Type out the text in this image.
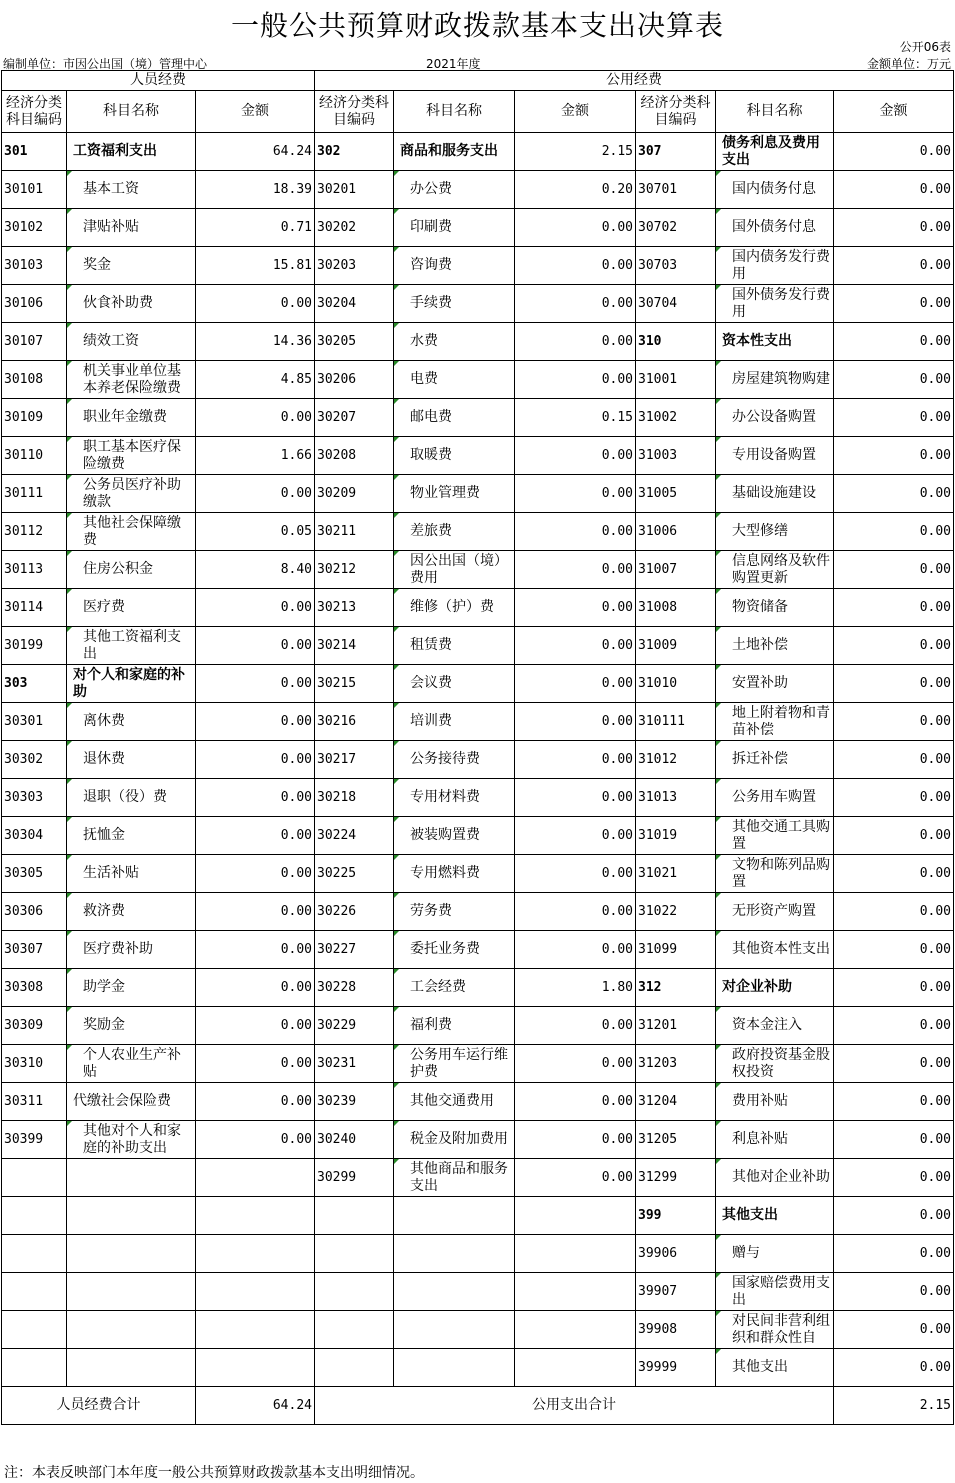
一般公共预算财政拨款基本支出决算表
公开06表
编制单位：市因公出国（境）管理中心	2021年度	金额单位：万元
人员经费			公用经费					
经济分类科目编码	科目名称	金额	经济分类科目编码	科目名称	金额	经济分类科目编码	科目名称	金额
301	工资福利支出	64.24	302	商品和服务支出	2.15	307	债务利息及费用支出	0.00
30101	基本工资	18.39	30201	办公费	0.20	30701	国内债务付息	0.00
30102	津贴补贴	0.71	30202	印刷费	0.00	30702	国外债务付息	0.00
30103	奖金	15.81	30203	咨询费	0.00	30703	国内债务发行费用	0.00
30106	伙食补助费	0.00	30204	手续费	0.00	30704	国外债务发行费用	0.00
30107	绩效工资	14.36	30205	水费	0.00	310	资本性支出	0.00
30108	机关事业单位基本养老保险缴费	4.85	30206	电费	0.00	31001	房屋建筑物购建	0.00
30109	职业年金缴费	0.00	30207	邮电费	0.15	31002	办公设备购置	0.00
30110	职工基本医疗保险缴费	1.66	30208	取暖费	0.00	31003	专用设备购置	0.00
30111	公务员医疗补助缴款	0.00	30209	物业管理费	0.00	31005	基础设施建设	0.00
30112	其他社会保障缴费	0.05	30211	差旅费	0.00	31006	大型修缮	0.00
30113	住房公积金	8.40	30212	因公出国（境）费用	0.00	31007	信息网络及软件购置更新	0.00
30114	医疗费	0.00	30213	维修（护）费	0.00	31008	物资储备	0.00
30199	其他工资福利支出	0.00	30214	租赁费	0.00	31009	土地补偿	0.00
303	对个人和家庭的补助	0.00	30215	会议费	0.00	31010	安置补助	0.00
30301	离休费	0.00	30216	培训费	0.00	310111	地上附着物和青苗补偿	0.00
30302	退休费	0.00	30217	公务接待费	0.00	31012	拆迁补偿	0.00
30303	退职（役）费	0.00	30218	专用材料费	0.00	31013	公务用车购置	0.00
30304	抚恤金	0.00	30224	被装购置费	0.00	31019	其他交通工具购置	0.00
30305	生活补贴	0.00	30225	专用燃料费	0.00	31021	文物和陈列品购置	0.00
30306	救济费	0.00	30226	劳务费	0.00	31022	无形资产购置	0.00
30307	医疗费补助	0.00	30227	委托业务费	0.00	31099	其他资本性支出	0.00
30308	助学金	0.00	30228	工会经费	1.80	312	对企业补助	0.00
30309	奖励金	0.00	30229	福利费	0.00	31201	资本金注入	0.00
30310	个人农业生产补贴	0.00	30231	公务用车运行维护费	0.00	31203	政府投资基金股权投资	0.00
30311	代缴社会保险费	0.00	30239	其他交通费用	0.00	31204	费用补贴	0.00
30399	其他对个人和家庭的补助支出	0.00	30240	税金及附加费用	0.00	31205	利息补贴	0.00
			30299	其他商品和服务支出	0.00	31299	其他对企业补助	0.00
						399	其他支出	0.00
						39906	赠与	0.00
						39907	国家赔偿费用支出	0.00
						39908	对民间非营利组织和群众性自	0.00
						39999	其他支出	0.00
人员经费合计		64.24	公用支出合计					2.15
注：本表反映部门本年度一般公共预算财政拨款基本支出明细情况。
